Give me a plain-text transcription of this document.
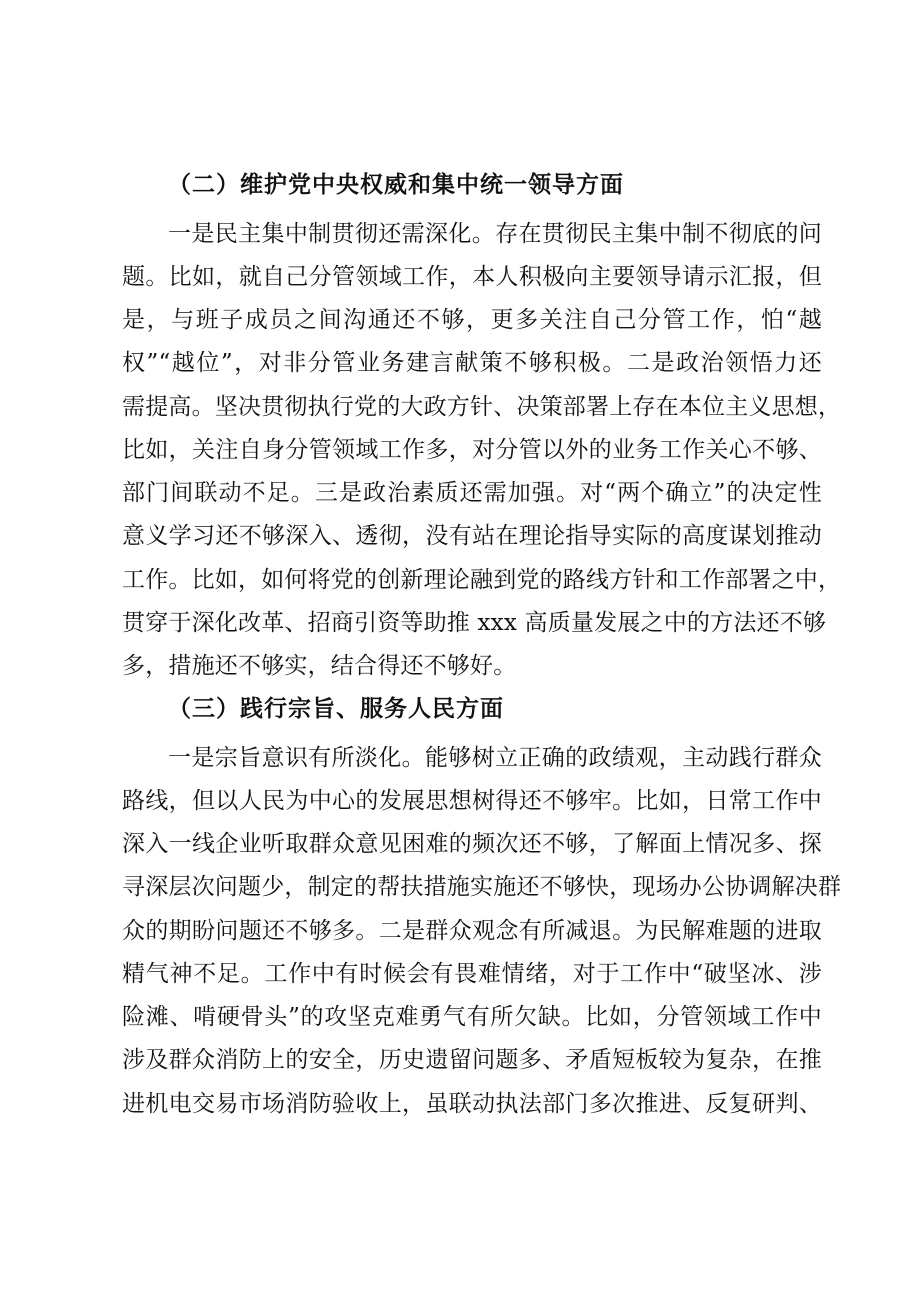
（二）维护党中央权威和集中统一领导方面
一是民主集中制贯彻还需深化。存在贯彻民主集中制不彻底的问
题。比如，就自己分管领域工作，本人积极向主要领导请示汇报，但
是，与班子成员之间沟通还不够，更多关注自己分管工作，怕“越
权”“越位”，对非分管业务建言献策不够积极。二是政治领悟力还
需提高。坚决贯彻执行党的大政方针、决策部署上存在本位主义思想，
比如，关注自身分管领域工作多，对分管以外的业务工作关心不够、
部门间联动不足。三是政治素质还需加强。对“两个确立”的决定性
意义学习还不够深入、透彻，没有站在理论指导实际的高度谋划推动
工作。比如，如何将党的创新理论融到党的路线方针和工作部署之中，
贯穿于深化改革、招商引资等助推 xxx 高质量发展之中的方法还不够
多，措施还不够实，结合得还不够好。
（三）践行宗旨、服务人民方面
一是宗旨意识有所淡化。能够树立正确的政绩观，主动践行群众
路线，但以人民为中心的发展思想树得还不够牢。比如，日常工作中
深入一线企业听取群众意见困难的频次还不够，了解面上情况多、探
寻深层次问题少，制定的帮扶措施实施还不够快，现场办公协调解决群
众的期盼问题还不够多。二是群众观念有所减退。为民解难题的进取
精气神不足。工作中有时候会有畏难情绪，对于工作中“破坚冰、涉
险滩、啃硬骨头”的攻坚克难勇气有所欠缺。比如，分管领域工作中
涉及群众消防上的安全，历史遗留问题多、矛盾短板较为复杂，在推
进机电交易市场消防验收上，虽联动执法部门多次推进、反复研判、
